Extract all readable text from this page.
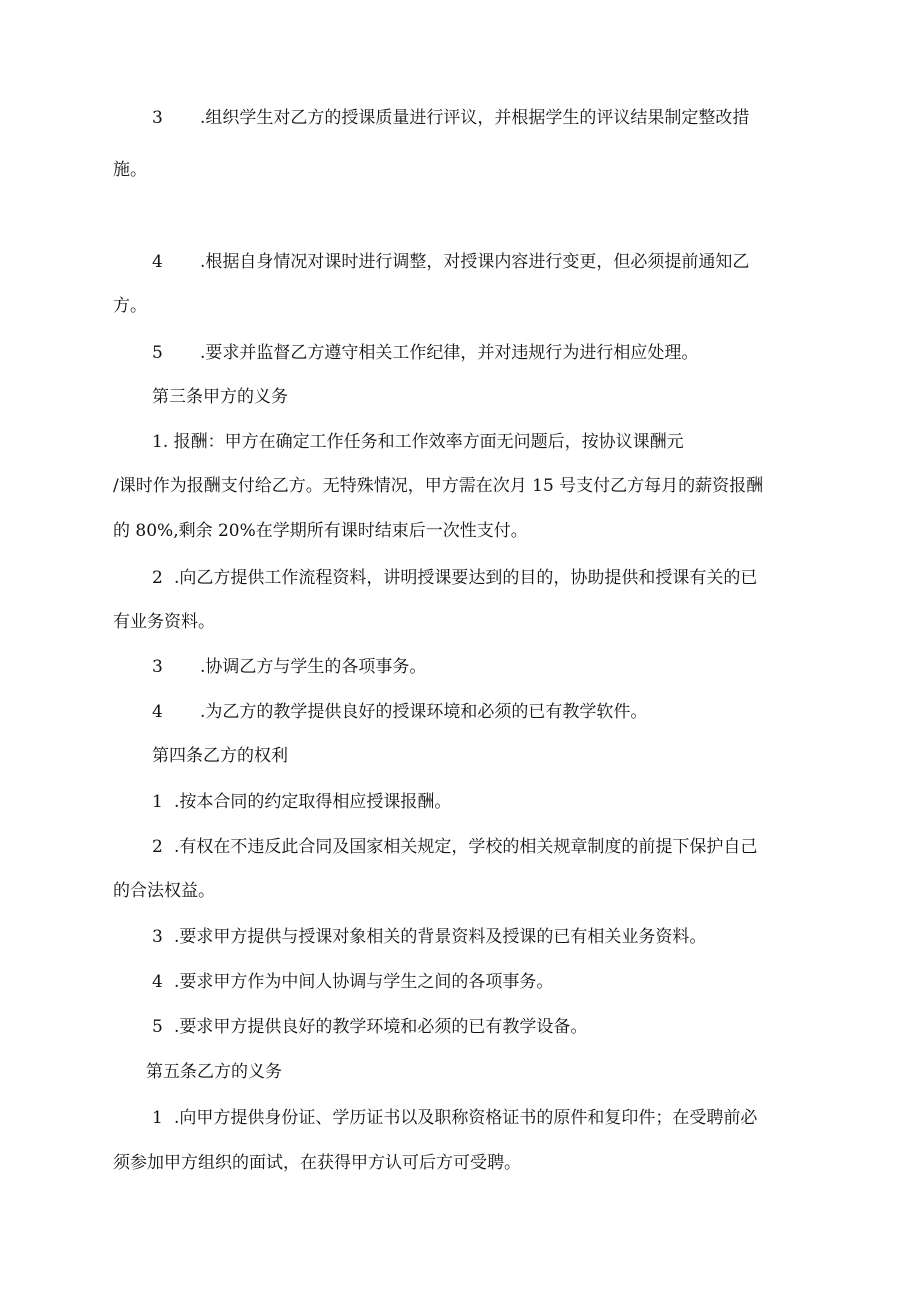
3 .组织学生对乙方的授课质量进行评议，并根据学生的评议结果制定整改措
施。
4 .根据自身情况对课时进行调整，对授课内容进行变更，但必须提前通知乙
方。
5 .要求并监督乙方遵守相关工作纪律，并对违规行为进行相应处理。
第三条甲方的义务
1. 报酬：甲方在确定工作任务和工作效率方面无问题后，按协议课酬元
/课时作为报酬支付给乙方。无特殊情况，甲方需在次月 15 号支付乙方每月的薪资报酬
的 80%,剩余 20%在学期所有课时结束后一次性支付。
2 .向乙方提供工作流程资料，讲明授课要达到的目的，协助提供和授课有关的已
有业务资料。
3 .协调乙方与学生的各项事务。
4 .为乙方的教学提供良好的授课环境和必须的已有教学软件。
第四条乙方的权利
1 .按本合同的约定取得相应授课报酬。
2 .有权在不违反此合同及国家相关规定，学校的相关规章制度的前提下保护自己
的合法权益。
3 .要求甲方提供与授课对象相关的背景资料及授课的已有相关业务资料。
4 .要求甲方作为中间人协调与学生之间的各项事务。
5 .要求甲方提供良好的教学环境和必须的已有教学设备。
第五条乙方的义务
1 .向甲方提供身份证、学历证书以及职称资格证书的原件和复印件；在受聘前必
须参加甲方组织的面试，在获得甲方认可后方可受聘。
